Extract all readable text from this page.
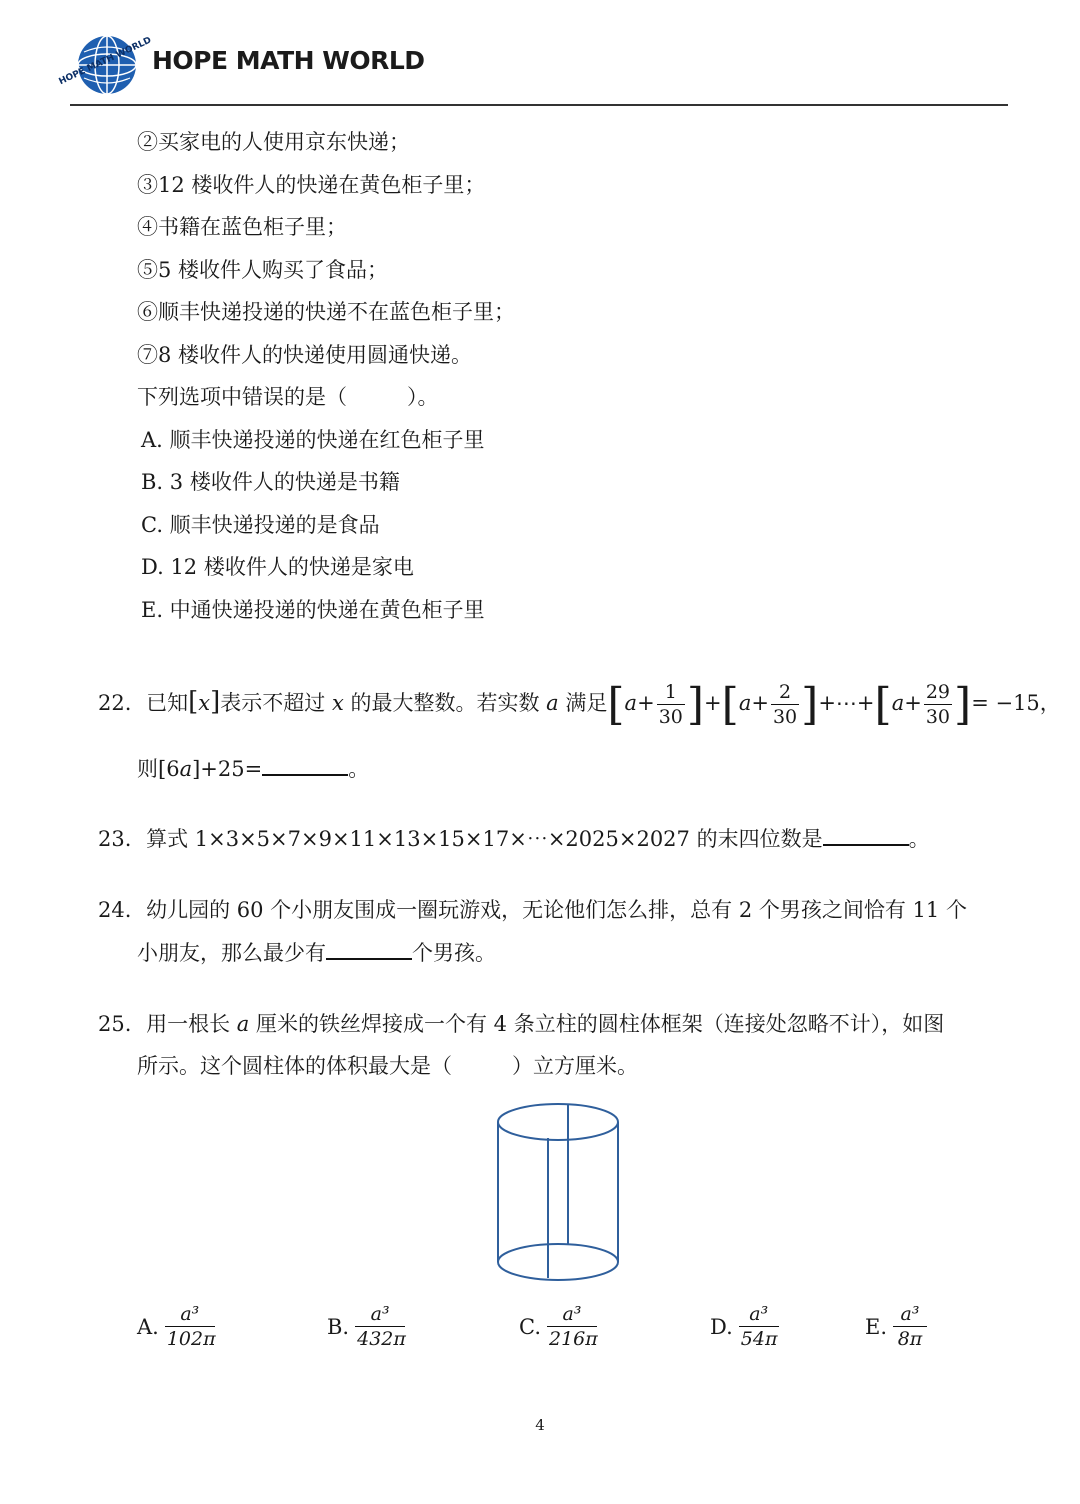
HOPE MATH WORLD
HOPE MATH WORLD
②买家电的人使用京东快递；
③12 楼收件人的快递在黄色柜子里；
④书籍在蓝色柜子里；
⑤5 楼收件人购买了食品；
⑥顺丰快递投递的快递不在蓝色柜子里；
⑦8 楼收件人的快递使用圆通快递。
下列选项中错误的是（	）。
A. 顺丰快递投递的快递在红色柜子里
B. 3 楼收件人的快递是书籍
C. 顺丰快递投递的是食品
D. 12 楼收件人的快递是家电
E. 中通快递投递的快递在黄色柜子里
22. 已知[x]表示不超过 x 的最大整数。若实数 a 满足$[a+ \frac{1}{30} ]+[a+ \frac{2}{30}$ ]+⋯+[a+ $\frac{29}{30}$ ]= −15，
则[6a]+25=	。
23. 算式 1×3×5×7×9×11×13×15×17×⋯×2025×2027 的末四位数是	。
24. 幼儿园的 60 个小朋友围成一圈玩游戏，无论他们怎么排，总有 2 个男孩之间恰有 11 个
小朋友，那么最少有	个男孩。
25. 用一根长 a 厘米的铁丝焊接成一个有 4 条立柱的圆柱体框架（连接处忽略不计），如图
所示。这个圆柱体的体积最大是（	）立方厘米。
A. $\frac{\text{a³}}{102\pi}$	B. $\frac{\text{a³}}{432\pi}$	C. $\frac{\text{a³}}{216\pi}$	D. $\frac{\text{a³}}{54\pi}$	E. $\frac{\text{a³}}{8\pi}$
4
